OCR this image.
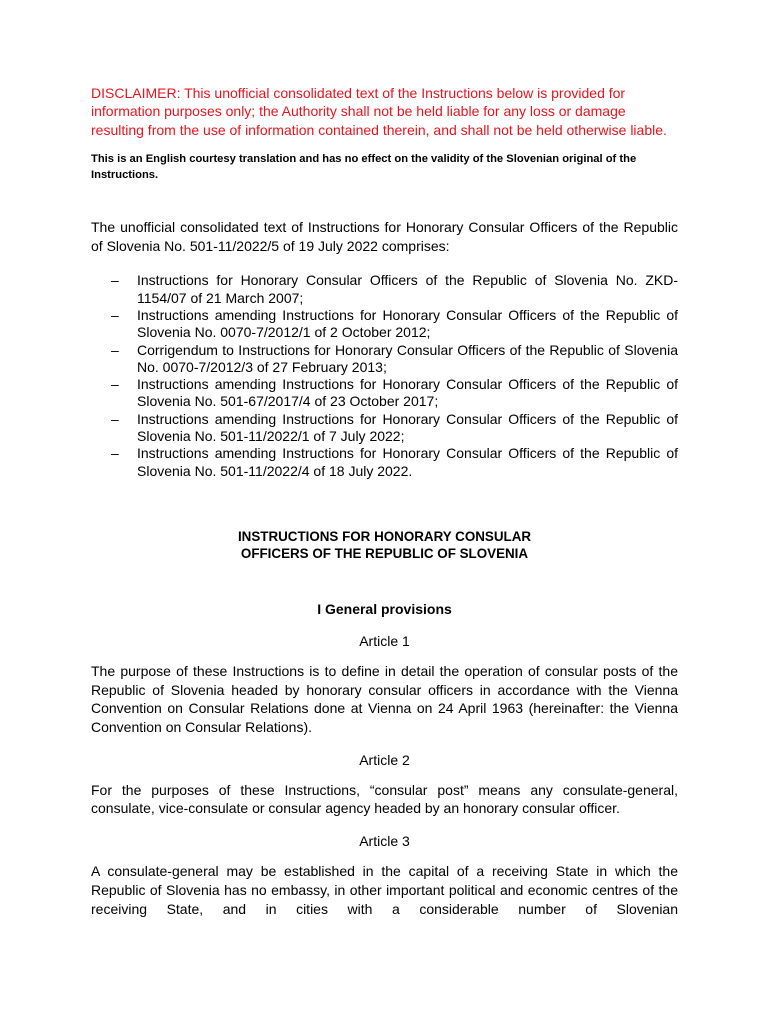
DISCLAIMER: This unofficial consolidated text of the Instructions below is provided for information purposes only; the Authority shall not be held liable for any loss or damage resulting from the use of information contained therein, and shall not be held otherwise liable.

This is an English courtesy translation and has no effect on the validity of the Slovenian original of the Instructions.

The unofficial consolidated text of Instructions for Honorary Consular Officers of the Republic of Slovenia No. 501-11/2022/5 of 19 July 2022 comprises:

– Instructions for Honorary Consular Officers of the Republic of Slovenia No. ZKD-1154/07 of 21 March 2007;
– Instructions amending Instructions for Honorary Consular Officers of the Republic of Slovenia No. 0070-7/2012/1 of 2 October 2012;
– Corrigendum to Instructions for Honorary Consular Officers of the Republic of Slovenia No. 0070-7/2012/3 of 27 February 2013;
– Instructions amending Instructions for Honorary Consular Officers of the Republic of Slovenia No. 501-67/2017/4 of 23 October 2017;
– Instructions amending Instructions for Honorary Consular Officers of the Republic of Slovenia No. 501-11/2022/1 of 7 July 2022;
– Instructions amending Instructions for Honorary Consular Officers of the Republic of Slovenia No. 501-11/2022/4 of 18 July 2022.
INSTRUCTIONS FOR HONORARY CONSULAR
OFFICERS OF THE REPUBLIC OF SLOVENIA
I General provisions
Article 1

The purpose of these Instructions is to define in detail the operation of consular posts of the Republic of Slovenia headed by honorary consular officers in accordance with the Vienna Convention on Consular Relations done at Vienna on 24 April 1963 (hereinafter: the Vienna Convention on Consular Relations).

Article 2

For the purposes of these Instructions, “consular post” means any consulate-general, consulate, vice-consulate or consular agency headed by an honorary consular officer.

Article 3

A consulate-general may be established in the capital of a receiving State in which the Republic of Slovenia has no embassy, in other important political and economic centres of the receiving State, and in cities with a considerable number of Slovenian
